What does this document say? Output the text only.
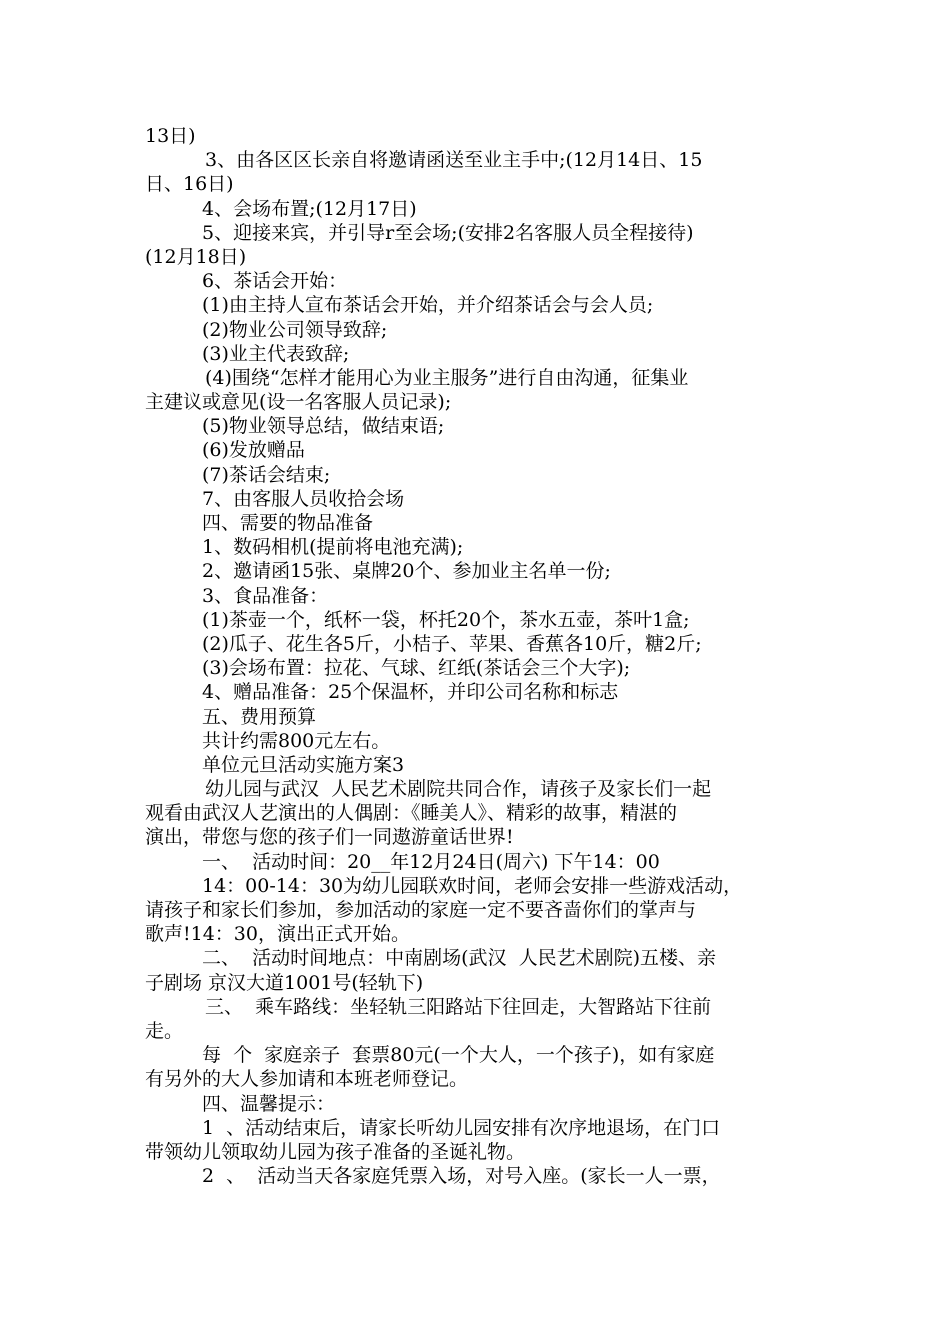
13日)
3、由各区区长亲自将邀请函送至业主手中;(12月14日、15
日、16日)
4、会场布置;(12月17日)
5、迎接来宾，并引导r至会场;(安排2名客服人员全程接待)
(12月18日)
6、茶话会开始：
(1)由主持人宣布茶话会开始，并介绍茶话会与会人员;
(2)物业公司领导致辞;
(3)业主代表致辞;
(4)围绕“怎样才能用心为业主服务”进行自由沟通，征集业
主建议或意见(设一名客服人员记录);
(5)物业领导总结，做结束语;
(6)发放赠品
(7)茶话会结束;
7、由客服人员收拾会场
四、需要的物品准备
1、数码相机(提前将电池充满);
2、邀请函15张、桌牌20个、参加业主名单一份;
3、食品准备：
(1)茶壶一个，纸杯一袋，杯托20个，茶水五壶，茶叶1盒;
(2)瓜子、花生各5斤，小桔子、苹果、香蕉各10斤，糖2斤;
(3)会场布置：拉花、气球、红纸(茶话会三个大字);
4、赠品准备：25个保温杯，并印公司名称和标志
五、费用预算
共计约需800元左右。
单位元旦活动实施方案3
幼儿园与武汉  人民艺术剧院共同合作，请孩子及家长们一起
观看由武汉人艺演出的人偶剧：《睡美人》、精彩的故事，精湛的
演出，带您与您的孩子们一同遨游童话世界!
一、  活动时间：20__年12月24日(周六) 下午14：00
14：00-14：30为幼儿园联欢时间，老师会安排一些游戏活动，
请孩子和家长们参加，参加活动的家庭一定不要吝啬你们的掌声与
歌声!14：30，演出正式开始。
二、  活动时间地点：中南剧场(武汉  人民艺术剧院)五楼、亲
子剧场 京汉大道1001号(轻轨下)
三、  乘车路线：坐轻轨三阳路站下往回走，大智路站下往前
走。
每  个  家庭亲子  套票80元(一个大人，一个孩子)，如有家庭
有另外的大人参加请和本班老师登记。
四、温馨提示：
1  、活动结束后，请家长听幼儿园安排有次序地退场，在门口
带领幼儿领取幼儿园为孩子准备的圣诞礼物。
2  、  活动当天各家庭凭票入场，对号入座。(家长一人一票，
